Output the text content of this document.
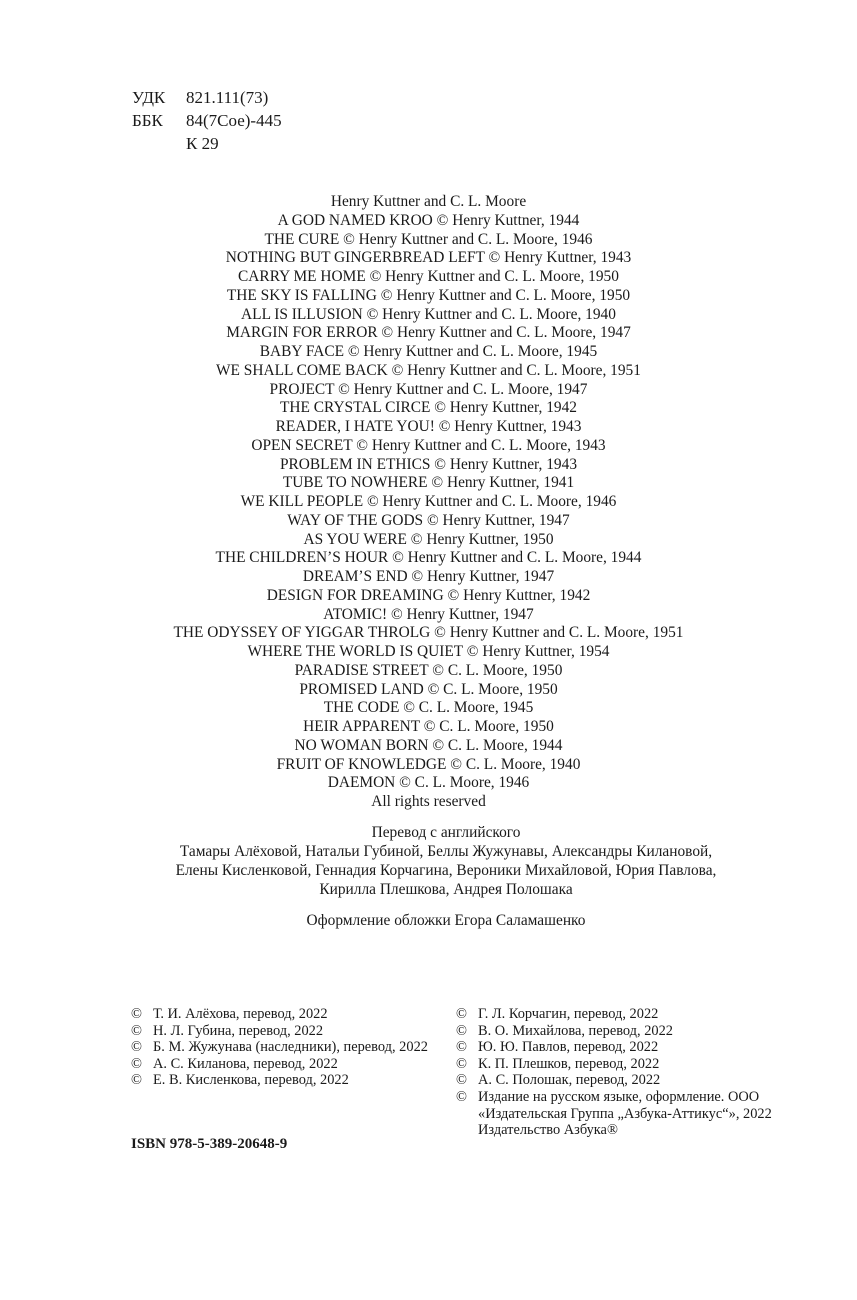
УДК	821.111(73)
ББК	84(7Сое)-445
К 29
Henry Kuttner and C. L. Moore
A GOD NAMED KROO © Henry Kuttner, 1944
THE CURE © Henry Kuttner and C. L. Moore, 1946
NOTHING BUT GINGERBREAD LEFT © Henry Kuttner, 1943
CARRY ME HOME © Henry Kuttner and C. L. Moore, 1950
THE SKY IS FALLING © Henry Kuttner and C. L. Moore, 1950
ALL IS ILLUSION © Henry Kuttner and C. L. Moore, 1940
MARGIN FOR ERROR © Henry Kuttner and C. L. Moore, 1947
BABY FACE © Henry Kuttner and C. L. Moore, 1945
WE SHALL COME BACK © Henry Kuttner and C. L. Moore, 1951
PROJECT © Henry Kuttner and C. L. Moore, 1947
THE CRYSTAL CIRCE © Henry Kuttner, 1942
READER, I HATE YOU! © Henry Kuttner, 1943
OPEN SECRET © Henry Kuttner and C. L. Moore, 1943
PROBLEM IN ETHICS © Henry Kuttner, 1943
TUBE TO NOWHERE © Henry Kuttner, 1941
WE KILL PEOPLE © Henry Kuttner and C. L. Moore, 1946
WAY OF THE GODS © Henry Kuttner, 1947
AS YOU WERE © Henry Kuttner, 1950
THE CHILDREN’S HOUR © Henry Kuttner and C. L. Moore, 1944
DREAM’S END © Henry Kuttner, 1947
DESIGN FOR DREAMING © Henry Kuttner, 1942
ATOMIC! © Henry Kuttner, 1947
THE ODYSSEY OF YIGGAR THROLG © Henry Kuttner and C. L. Moore, 1951
WHERE THE WORLD IS QUIET © Henry Kuttner, 1954
PARADISE STREET © C. L. Moore, 1950
PROMISED LAND © C. L. Moore, 1950
THE CODE © C. L. Moore, 1945
HEIR APPARENT © C. L. Moore, 1950
NO WOMAN BORN © C. L. Moore, 1944
FRUIT OF KNOWLEDGE © C. L. Moore, 1940
DAEMON © C. L. Moore, 1946
All rights reserved
Перевод с английского
Тамары Алёховой, Натальи Губиной, Беллы Жужунавы, Александры Килановой,
Елены Кисленковой, Геннадия Корчагина, Вероники Михайловой, Юрия Павлова,
Кирилла Плешкова, Андрея Полошака
Оформление обложки Егора Саламашенко
© Т. И. Алёхова, перевод, 2022
© Н. Л. Губина, перевод, 2022
© Б. М. Жужунава (наследники), перевод, 2022
© А. С. Киланова, перевод, 2022
© Е. В. Кисленкова, перевод, 2022
© Г. Л. Корчагин, перевод, 2022
© В. О. Михайлова, перевод, 2022
© Ю. Ю. Павлов, перевод, 2022
© К. П. Плешков, перевод, 2022
© А. С. Полошак, перевод, 2022
© Издание на русском языке, оформление. ООО «Издательская Группа „Азбука-Аттикус“», 2022 Издательство Азбука®
ISBN 978-5-389-20648-9
